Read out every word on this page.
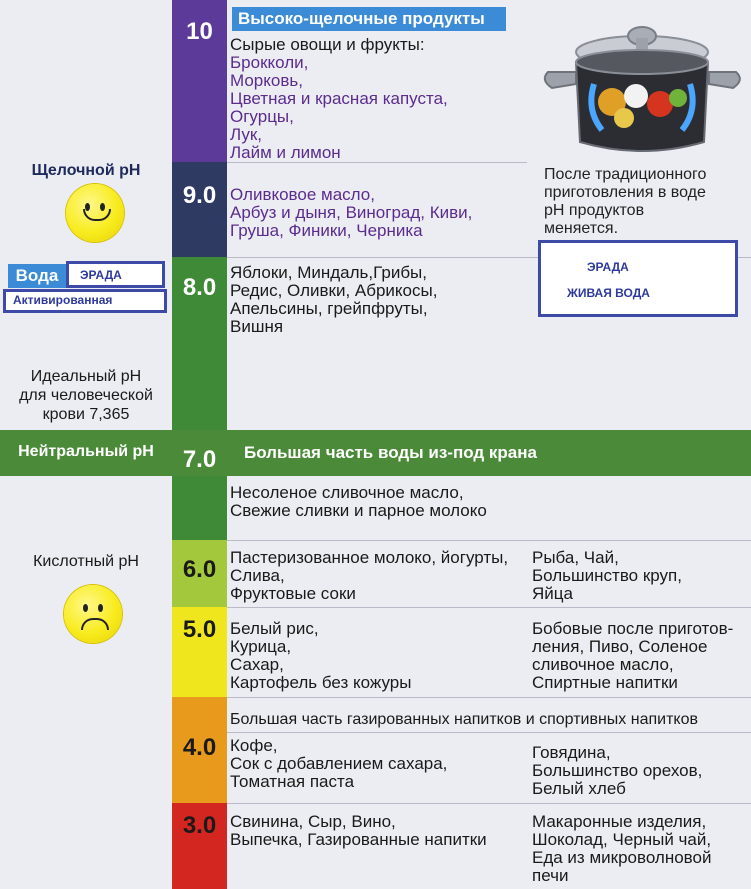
10
9.0
8.0
7.0
6.0
5.0
4.0
3.0
Высоко-щелочные продукты
Сырые овощи и фрукты:
Брокколи,
Морковь,
Цветная и красная капуста,
Огурцы,
Лук,
Лайм и лимон
Оливковое масло,
Арбуз и дыня, Виноград, Киви,
Груша, Финики, Черника
Яблоки, Миндаль,Грибы,
Редис, Оливки, Абрикосы,
Апельсины, грейпфруты,
Вишня
Большая часть воды из-под крана
Несоленое сливочное масло,
Свежие сливки и парное молоко
Пастеризованное молоко, йогурты,
Слива,
Фруктовые соки
Рыба, Чай,
Большинство круп,
Яйца
Белый рис,
Курица,
Сахар,
Картофель без кожуры
Бобовые после приготов-
ления, Пиво, Соленое
сливочное масло,
Спиртные напитки
Большая часть газированных напитков и спортивных напитков
Кофе,
Сок с добавлением сахара,
Томатная паста
Говядина,
Большинство орехов,
Белый хлеб
Свинина, Сыр, Вино,
Выпечка, Газированные напитки
Макаронные изделия,
Шоколад, Черный чай,
Еда из микроволновой
печи
Щелочной рН
Вода	ЭРАДА
Активированная
Идеальный рН
для человеческой
крови 7,365
Нейтральный рН
Кислотный рН
После традиционного
приготовления в воде
рН продуктов
меняется.
ЭРАДА
ЖИВАЯ ВОДА
